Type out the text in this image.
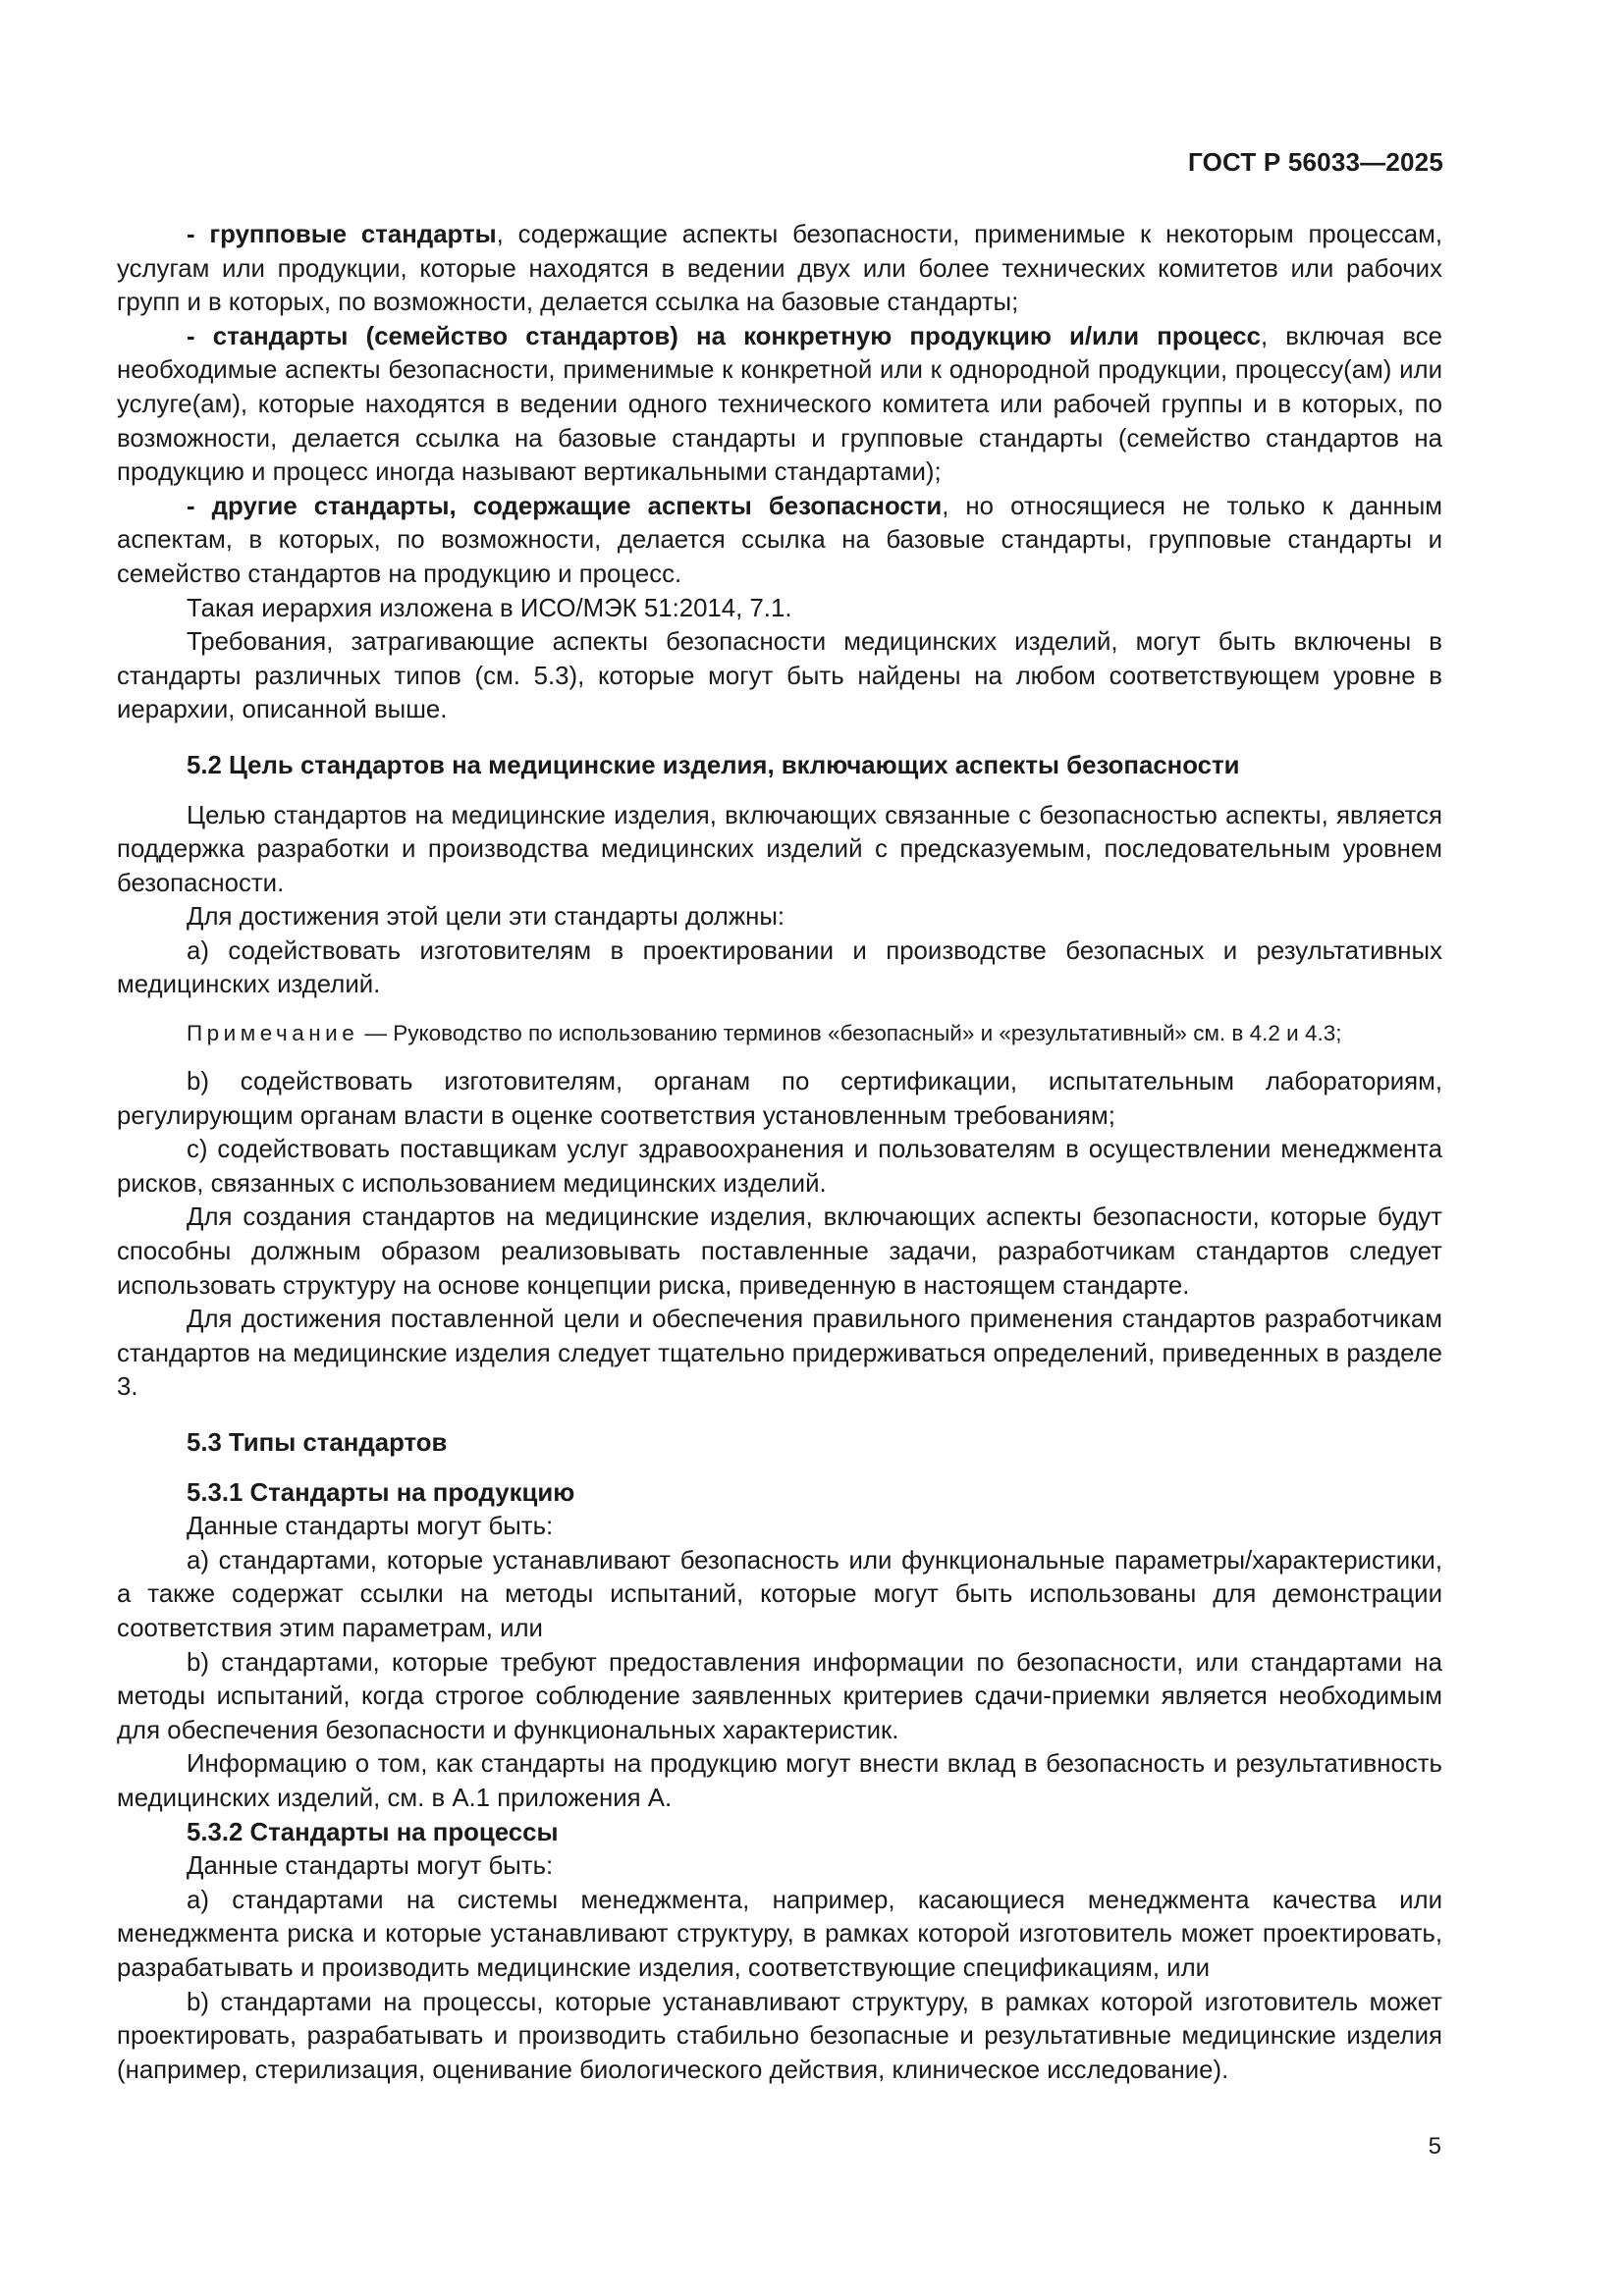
ГОСТ Р 56033—2025

- групповые стандарты, содержащие аспекты безопасности, применимые к некоторым процессам, услугам или продукции, которые находятся в ведении двух или более технических комитетов или рабочих групп и в которых, по возможности, делается ссылка на базовые стандарты;

- стандарты (семейство стандартов) на конкретную продукцию и/или процесс, включая все необходимые аспекты безопасности, применимые к конкретной или к однородной продукции, процессу(ам) или услуге(ам), которые находятся в ведении одного технического комитета или рабочей группы и в которых, по возможности, делается ссылка на базовые стандарты и групповые стандарты (семейство стандартов на продукцию и процесс иногда называют вертикальными стандартами);

- другие стандарты, содержащие аспекты безопасности, но относящиеся не только к данным аспектам, в которых, по возможности, делается ссылка на базовые стандарты, групповые стандарты и семейство стандартов на продукцию и процесс.

Такая иерархия изложена в ИСО/МЭК 51:2014, 7.1.

Требования, затрагивающие аспекты безопасности медицинских изделий, могут быть включены в стандарты различных типов (см. 5.3), которые могут быть найдены на любом соответствующем уровне в иерархии, описанной выше.

5.2 Цель стандартов на медицинские изделия, включающих аспекты безопасности

Целью стандартов на медицинские изделия, включающих связанные с безопасностью аспекты, является поддержка разработки и производства медицинских изделий с предсказуемым, последовательным уровнем безопасности.

Для достижения этой цели эти стандарты должны:

a) содействовать изготовителям в проектировании и производстве безопасных и результативных медицинских изделий.

Примечание — Руководство по использованию терминов «безопасный» и «результативный» см. в 4.2 и 4.3;

b) содействовать изготовителям, органам по сертификации, испытательным лабораториям, регулирующим органам власти в оценке соответствия установленным требованиям;

c) содействовать поставщикам услуг здравоохранения и пользователям в осуществлении менеджмента рисков, связанных с использованием медицинских изделий.

Для создания стандартов на медицинские изделия, включающих аспекты безопасности, которые будут способны должным образом реализовывать поставленные задачи, разработчикам стандартов следует использовать структуру на основе концепции риска, приведенную в настоящем стандарте.

Для достижения поставленной цели и обеспечения правильного применения стандартов разработчикам стандартов на медицинские изделия следует тщательно придерживаться определений, приведенных в разделе 3.

5.3 Типы стандартов
5.3.1 Стандарты на продукцию

Данные стандарты могут быть:

a) стандартами, которые устанавливают безопасность или функциональные параметры/характеристики, а также содержат ссылки на методы испытаний, которые могут быть использованы для демонстрации соответствия этим параметрам, или

b) стандартами, которые требуют предоставления информации по безопасности, или стандартами на методы испытаний, когда строгое соблюдение заявленных критериев сдачи-приемки является необходимым для обеспечения безопасности и функциональных характеристик.

Информацию о том, как стандарты на продукцию могут внести вклад в безопасность и результативность медицинских изделий, см. в А.1 приложения А.

5.3.2 Стандарты на процессы

Данные стандарты могут быть:

a) стандартами на системы менеджмента, например, касающиеся менеджмента качества или менеджмента риска и которые устанавливают структуру, в рамках которой изготовитель может проектировать, разрабатывать и производить медицинские изделия, соответствующие спецификациям, или

b) стандартами на процессы, которые устанавливают структуру, в рамках которой изготовитель может проектировать, разрабатывать и производить стабильно безопасные и результативные медицинские изделия (например, стерилизация, оценивание биологического действия, клиническое исследование).

5
